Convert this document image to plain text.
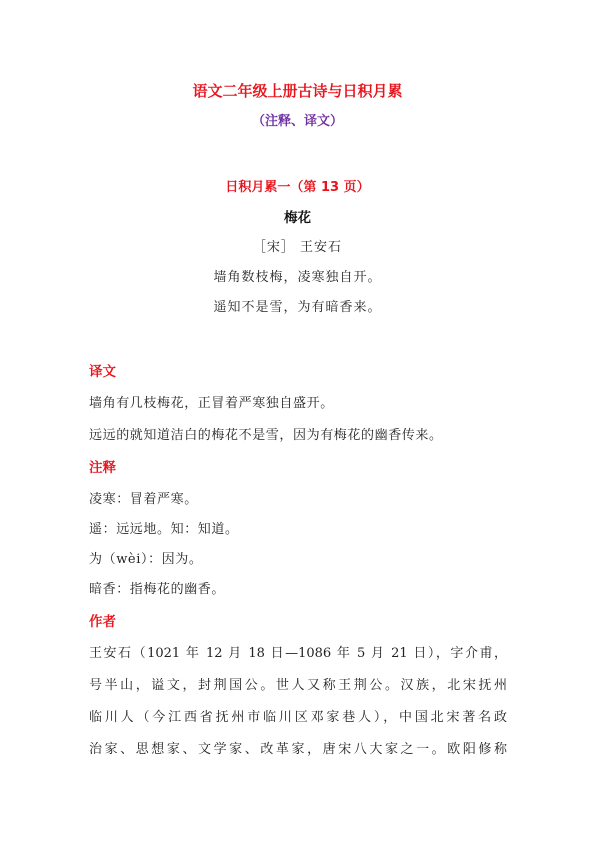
语文二年级上册古诗与日积月累
（注释、译文）
日积月累一（第 13 页）
梅花
［宋］ 王安石
墙角数枝梅，凌寒独自开。
遥知不是雪，为有暗香来。
译文
墙角有几枝梅花，正冒着严寒独自盛开。
远远的就知道洁白的梅花不是雪，因为有梅花的幽香传来。
注释
凌寒：冒着严寒。
遥：远远地。知：知道。
为（wèi）：因为。
暗香：指梅花的幽香。
作者
王安石（1021 年 12 月 18 日—1086 年 5 月 21 日），字介甫，
号半山，谥文，封荆国公。世人又称王荆公。汉族，北宋抚州
临川人（今江西省抚州市临川区邓家巷人），中国北宋著名政
治家、思想家、文学家、改革家，唐宋八大家之一。欧阳修称
